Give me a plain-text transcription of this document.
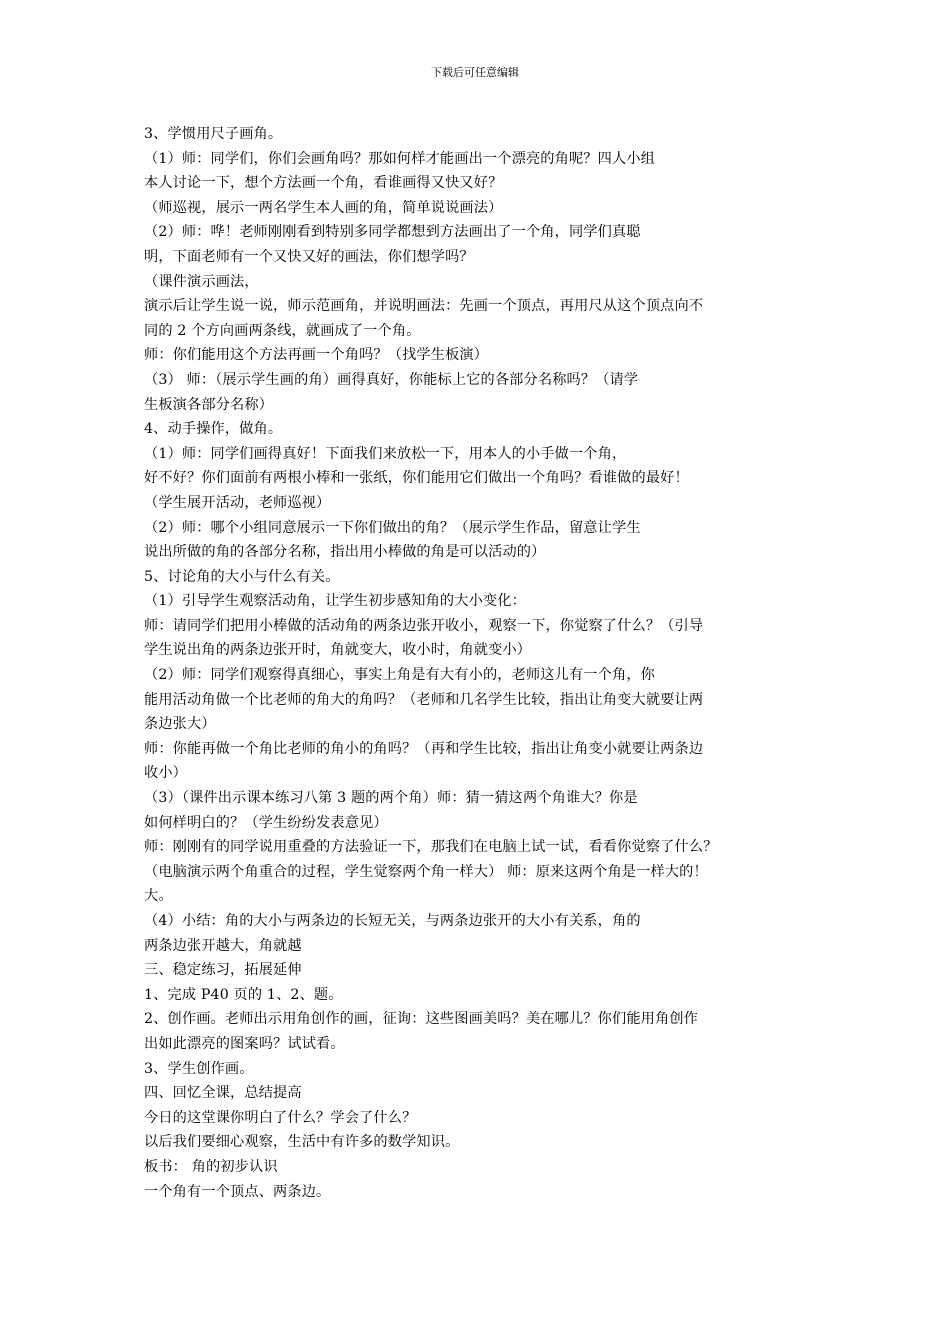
下载后可任意编辑
3、学惯用尺子画角。
（1）师：同学们，你们会画角吗？那如何样才能画出一个漂亮的角呢？四人小组
本人讨论一下，想个方法画一个角，看谁画得又快又好？
（师巡视，展示一两名学生本人画的角，简单说说画法）
（2）师：哗！老师刚刚看到特别多同学都想到方法画出了一个角，同学们真聪
明，下面老师有一个又快又好的画法，你们想学吗？
（课件演示画法，
演示后让学生说一说，师示范画角，并说明画法：先画一个顶点，再用尺从这个顶点向不
同的 2 个方向画两条线，就画成了一个角。
师：你们能用这个方法再画一个角吗？（找学生板演）
（3） 师：（展示学生画的角）画得真好，你能标上它的各部分名称吗？（请学
生板演各部分名称）
4、动手操作，做角。
（1）师：同学们画得真好！下面我们来放松一下，用本人的小手做一个角，
好不好？你们面前有两根小棒和一张纸，你们能用它们做出一个角吗？看谁做的最好！
（学生展开活动，老师巡视）
（2）师：哪个小组同意展示一下你们做出的角？（展示学生作品，留意让学生
说出所做的角的各部分名称，指出用小棒做的角是可以活动的）
5、讨论角的大小与什么有关。
（1）引导学生观察活动角，让学生初步感知角的大小变化：
师：请同学们把用小棒做的活动角的两条边张开收小，观察一下，你觉察了什么？（引导
学生说出角的两条边张开时，角就变大，收小时，角就变小）
（2）师：同学们观察得真细心，事实上角是有大有小的，老师这儿有一个角，你
能用活动角做一个比老师的角大的角吗？（老师和几名学生比较，指出让角变大就要让两
条边张大）
师：你能再做一个角比老师的角小的角吗？（再和学生比较，指出让角变小就要让两条边
收小）
（3）（课件出示课本练习八第 3 题的两个角）师：猜一猜这两个角谁大？你是
如何样明白的？（学生纷纷发表意见）
师：刚刚有的同学说用重叠的方法验证一下，那我们在电脑上试一试，看看你觉察了什么？
（电脑演示两个角重合的过程，学生觉察两个角一样大） 师：原来这两个角是一样大的！
大。
（4）小结：角的大小与两条边的长短无关，与两条边张开的大小有关系，角的
两条边张开越大，角就越
三、稳定练习，拓展延伸
1、完成 P40 页的 1、2、题。
2、创作画。老师出示用角创作的画，征询：这些图画美吗？美在哪儿？你们能用角创作
出如此漂亮的图案吗？试试看。
3、学生创作画。
四、回忆全课，总结提高
今日的这堂课你明白了什么？学会了什么？
以后我们要细心观察，生活中有许多的数学知识。
板书： 角的初步认识
一个角有一个顶点、两条边。
